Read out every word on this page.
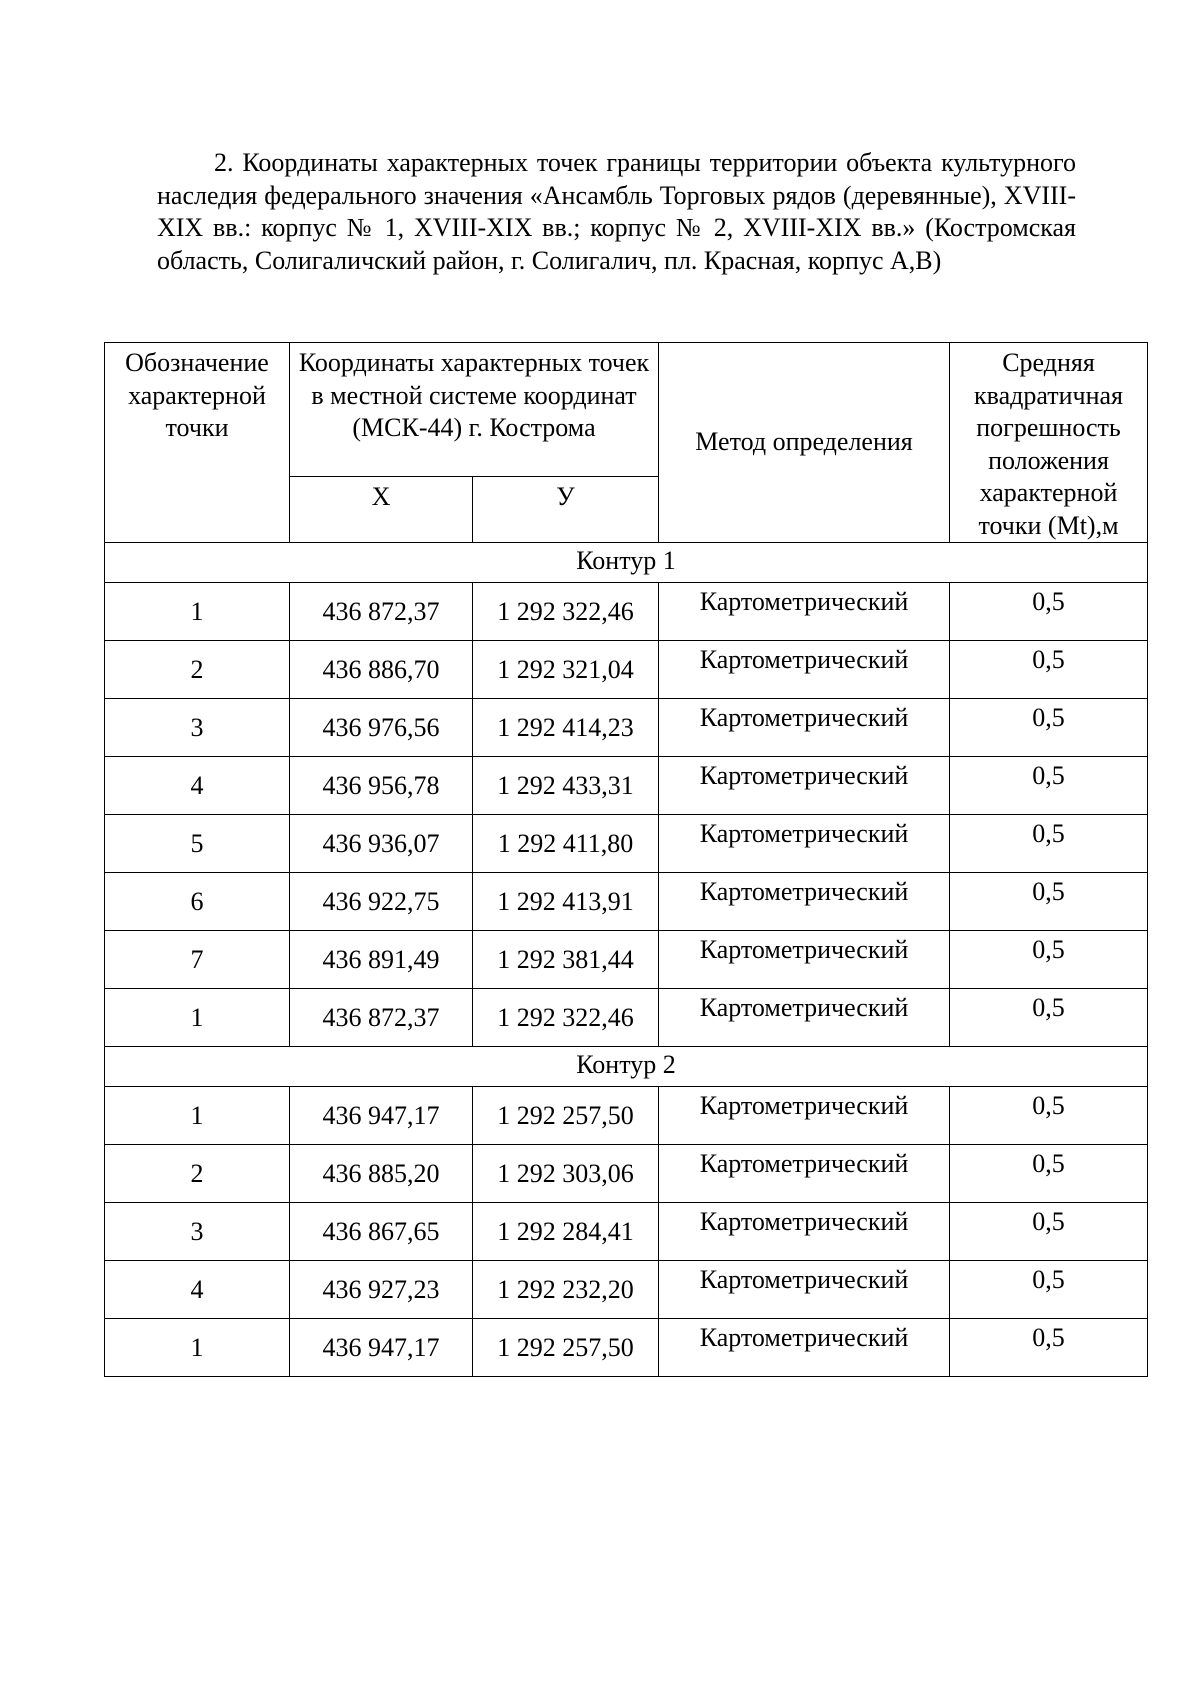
2. Координаты характерных точек границы территории объекта культурного наследия федерального значения «Ансамбль Торговых рядов (деревянные), XVIII-XIX вв.: корпус № 1, XVIII-XIX вв.; корпус № 2, XVIII-XIX вв.» (Костромская область, Солигаличский район, г. Солигалич, пл. Красная, корпус А,В)

Обозначение характерной точки	Координаты характерных точек в местной системе координат (МСК-44) г. Кострома		Метод определения	Средняя квадратичная погрешность положения характерной точки (Mt),м
	X	У		
Контур 1				
1	436 872,37	1 292 322,46	Картометрический	0,5
2	436 886,70	1 292 321,04	Картометрический	0,5
3	436 976,56	1 292 414,23	Картометрический	0,5
4	436 956,78	1 292 433,31	Картометрический	0,5
5	436 936,07	1 292 411,80	Картометрический	0,5
6	436 922,75	1 292 413,91	Картометрический	0,5
7	436 891,49	1 292 381,44	Картометрический	0,5
1	436 872,37	1 292 322,46	Картометрический	0,5
Контур 2				
1	436 947,17	1 292 257,50	Картометрический	0,5
2	436 885,20	1 292 303,06	Картометрический	0,5
3	436 867,65	1 292 284,41	Картометрический	0,5
4	436 927,23	1 292 232,20	Картометрический	0,5
1	436 947,17	1 292 257,50	Картометрический	0,5
